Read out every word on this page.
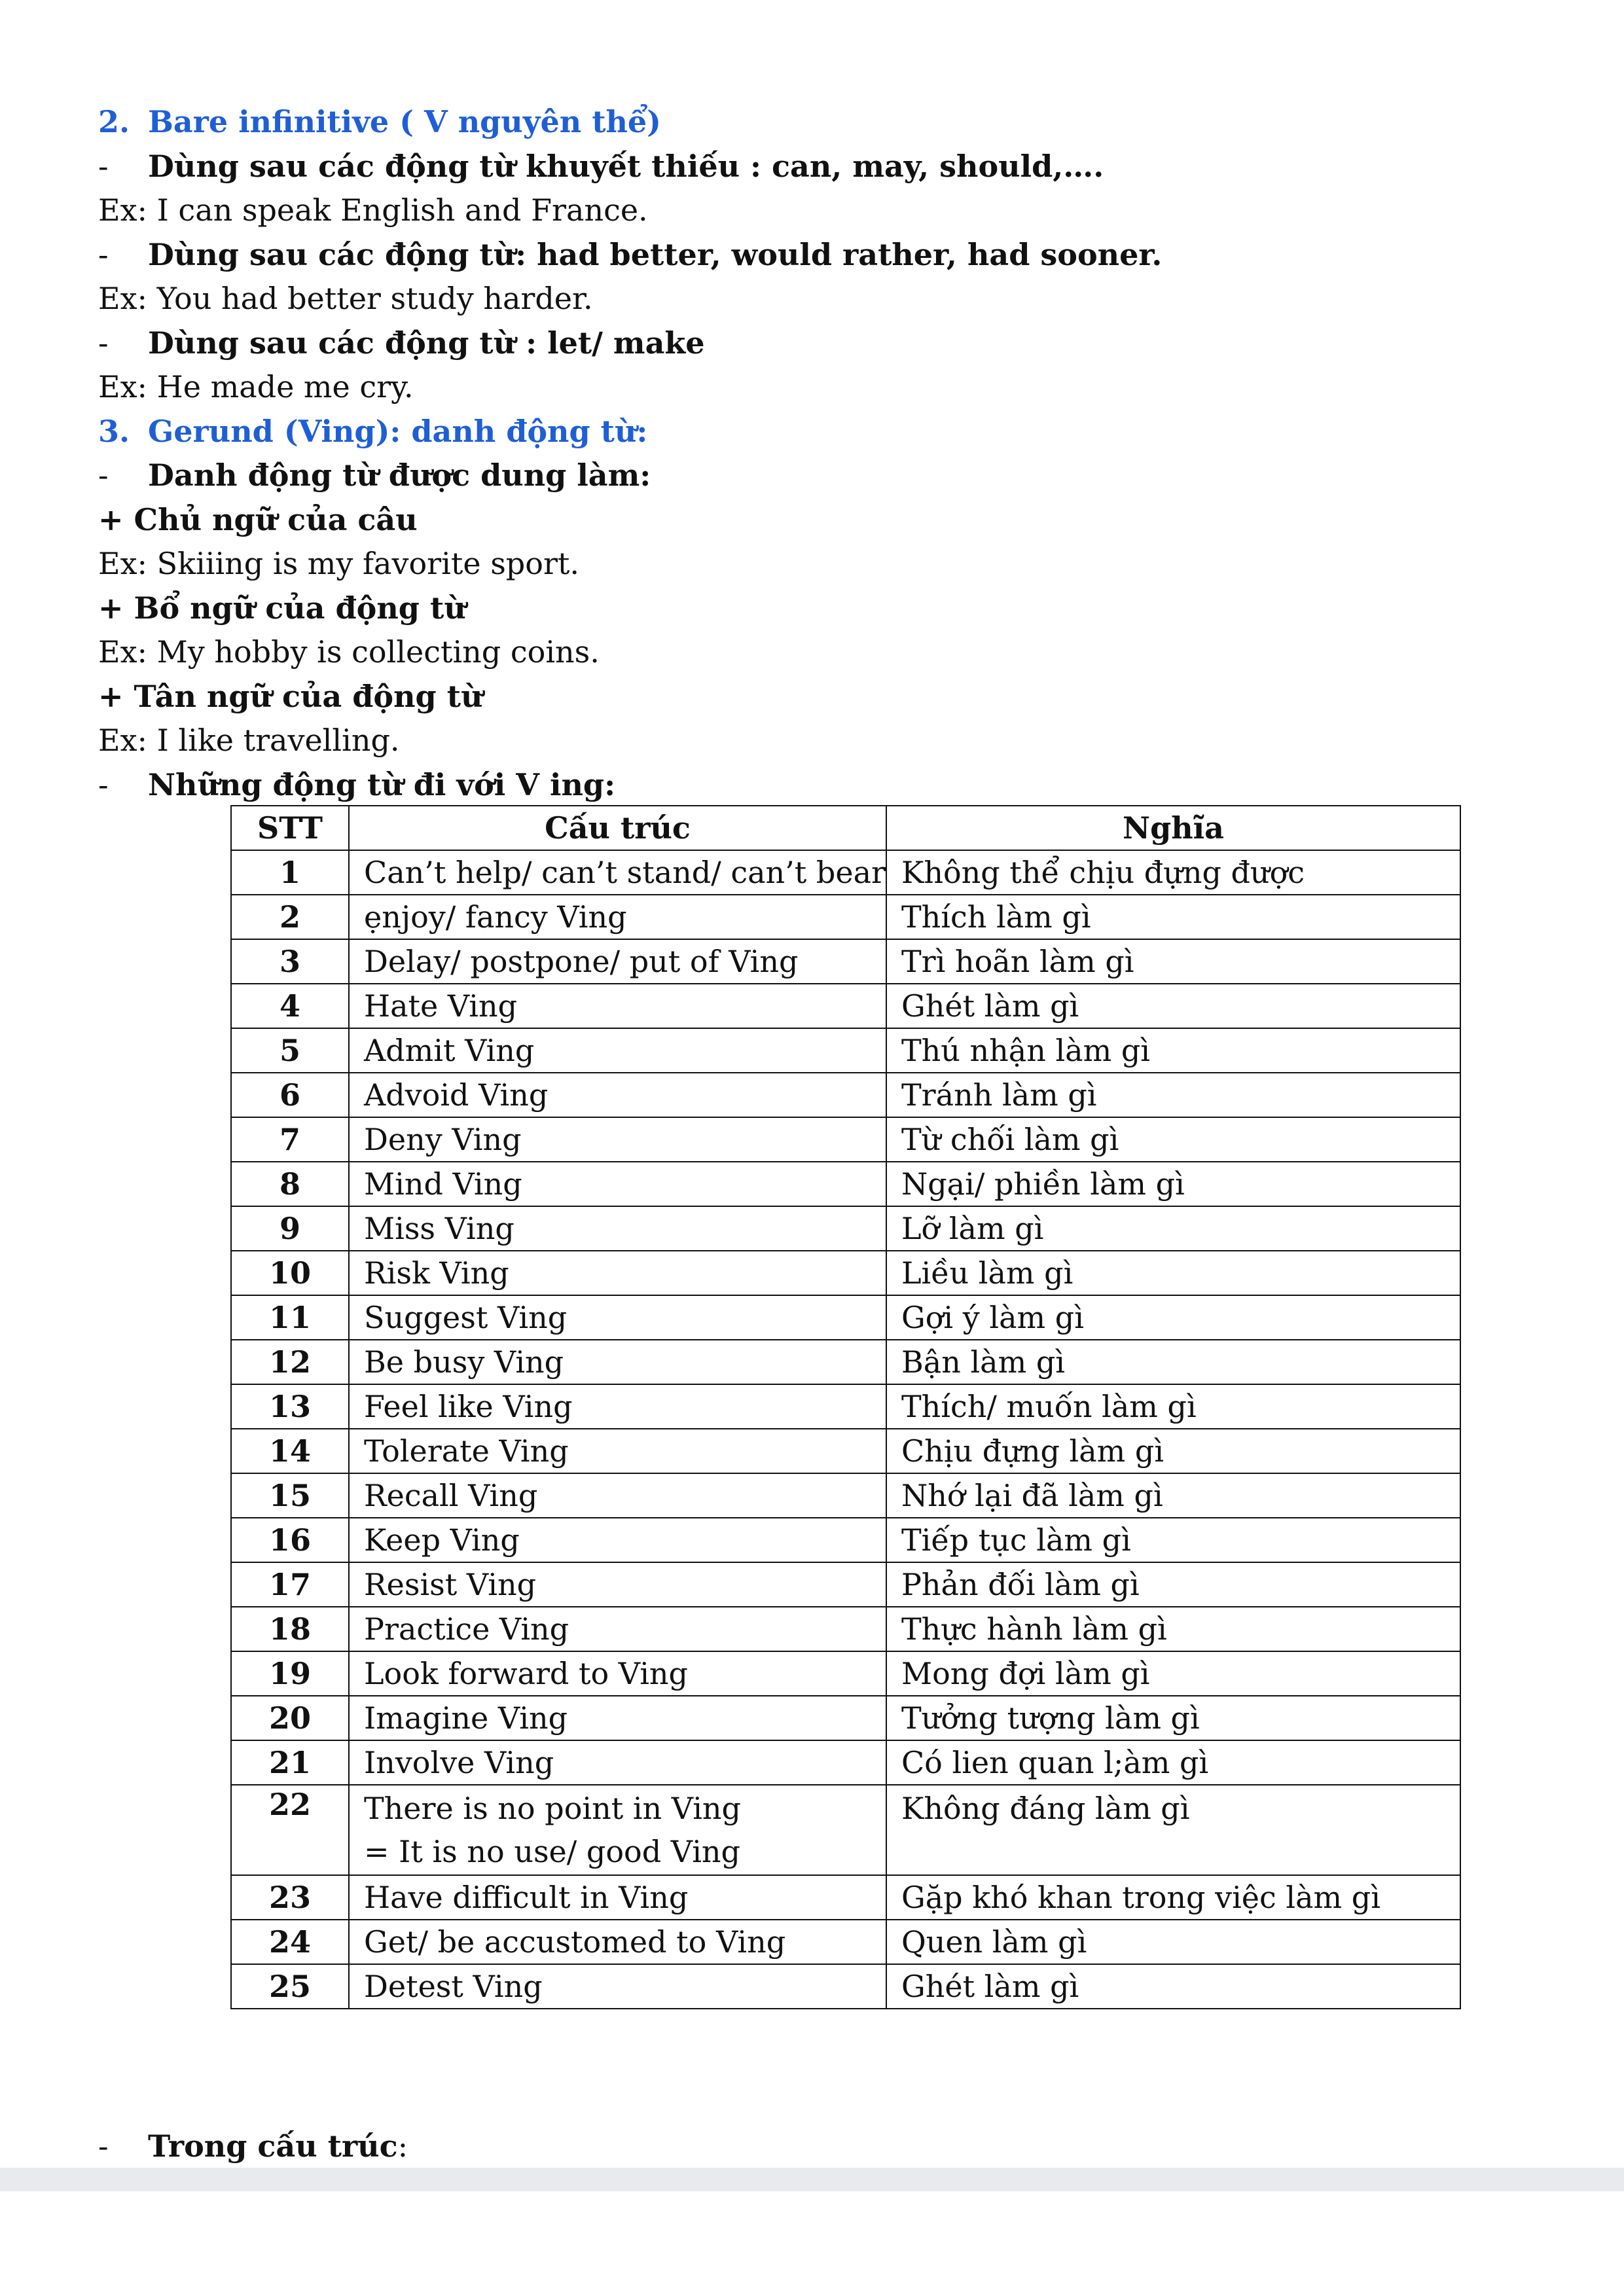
2. Bare infinitive ( V nguyên thể)
- Dùng sau các động từ khuyết thiếu : can, may, should,….
Ex: I can speak English and France.
- Dùng sau các động từ: had better, would rather, had sooner.
Ex: You had better study harder.
- Dùng sau các động từ : let/ make
Ex: He made me cry.
3. Gerund (Ving): danh động từ:
- Danh động từ được dung làm:
+ Chủ ngữ của câu
Ex: Skiiing is my favorite sport.
+ Bổ ngữ của động từ
Ex: My hobby is collecting coins.
+ Tân ngữ của động từ
Ex: I like travelling.
- Những động từ đi với V ing:
STT	Cấu trúc	Nghĩa
1	Can’t help/ can’t stand/ can’t bear	Không thể chịu đựng được
2	ẹnjoy/ fancy Ving	Thích làm gì
3	Delay/ postpone/ put of Ving	Trì hoãn làm gì
4	Hate Ving	Ghét làm gì
5	Admit Ving	Thú nhận làm gì
6	Advoid Ving	Tránh làm gì
7	Deny Ving	Từ chối làm gì
8	Mind Ving	Ngại/ phiền làm gì
9	Miss Ving	Lỡ làm gì
10	Risk Ving	Liều làm gì
11	Suggest Ving	Gợi ý làm gì
12	Be busy Ving	Bận làm gì
13	Feel like Ving	Thích/ muốn làm gì
14	Tolerate Ving	Chịu đựng làm gì
15	Recall Ving	Nhớ lại đã làm gì
16	Keep Ving	Tiếp tục làm gì
17	Resist Ving	Phản đối làm gì
18	Practice Ving	Thực hành làm gì
19	Look forward to Ving	Mong đợi làm gì
20	Imagine Ving	Tưởng tượng làm gì
21	Involve Ving	Có lien quan l;àm gì
22	There is no point in Ving
= It is no use/ good Ving	Không đáng làm gì

23	Have difficult in Ving	Gặp khó khan trong việc làm gì
24	Get/ be accustomed to Ving	Quen làm gì
25	Detest Ving	Ghét làm gì
- Trong cấu trúc:
